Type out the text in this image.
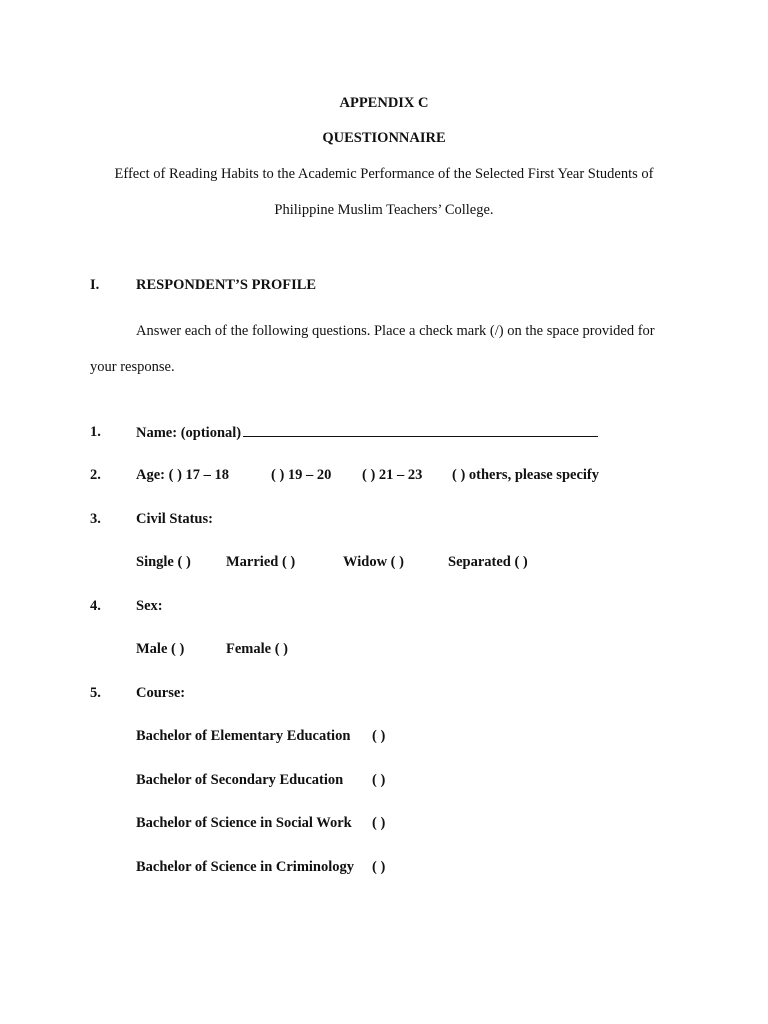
APPENDIX C
QUESTIONNAIRE
Effect of Reading Habits to the Academic Performance of the Selected First Year Students of
Philippine Muslim Teachers’ College.
I.	RESPONDENT’S PROFILE
Answer each of the following questions. Place a check mark (/) on the space provided for
your response.
1. Name: (optional)
2. Age: ( ) 17 – 18	( ) 19 – 20 ( ) 21 – 23 ( ) others, please specify
3. Civil Status:
Single ( ) Married ( )	Widow ( )	Separated ( )
4. Sex:
Male ( )	Female ( )
5. Course:
Bachelor of Elementary Education ( )
Bachelor of Secondary Education ( )
Bachelor of Science in Social Work ( )
Bachelor of Science in Criminology ( )
